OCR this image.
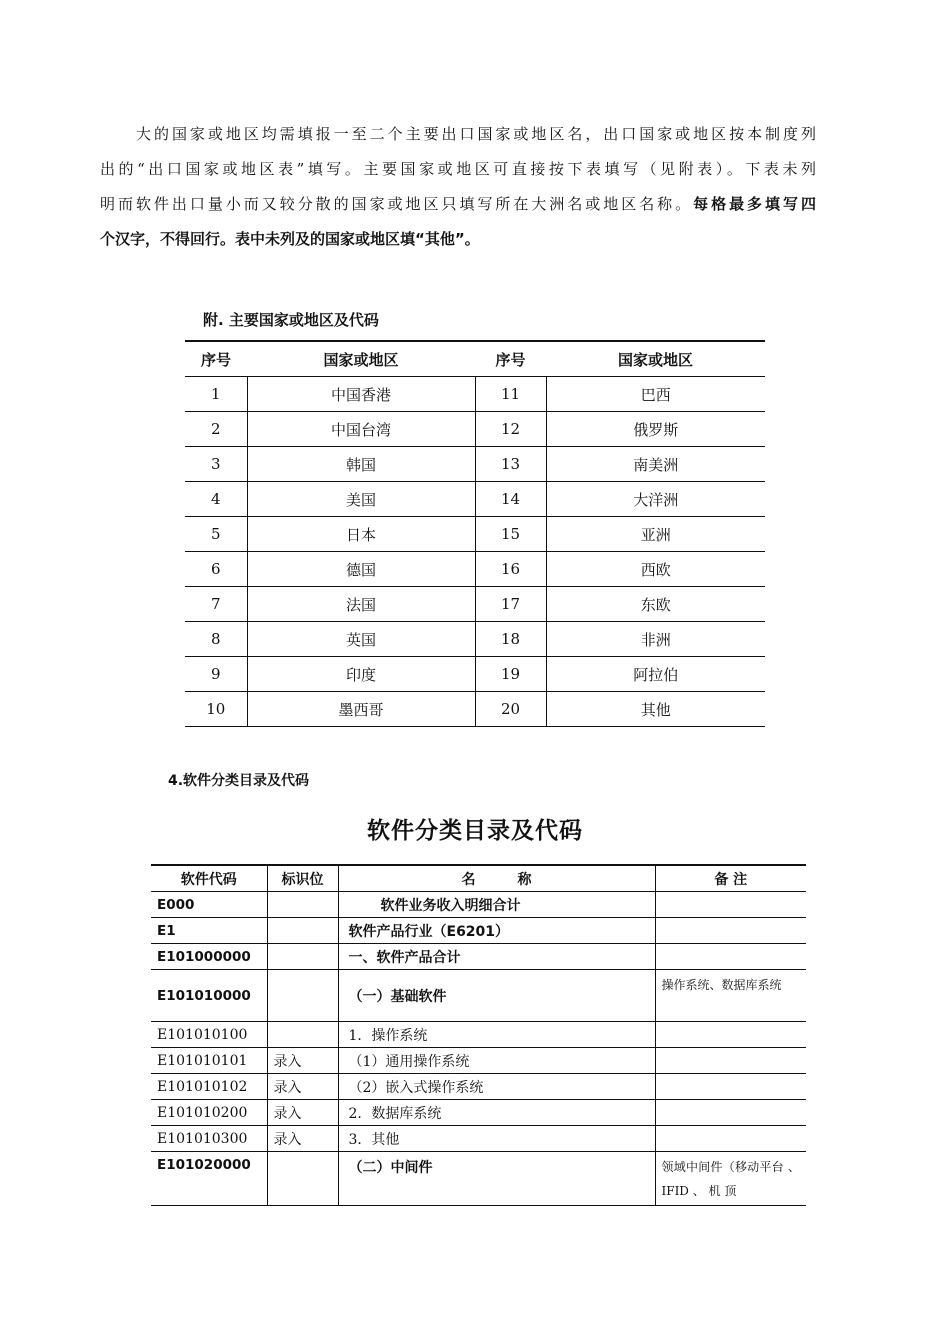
大的国家或地区均需填报一至二个主要出口国家或地区名，出口国家或地区按本制度列
出的“出口国家或地区表”填写。主要国家或地区可直接按下表填写（见附表）。下表未列
明而软件出口量小而又较分散的国家或地区只填写所在大洲名或地区名称。每格最多填写四
个汉字，不得回行。表中未列及的国家或地区填“其他”。
附. 主要国家或地区及代码
序号	国家或地区	序号	国家或地区
1	中国香港	11	巴西
2	中国台湾	12	俄罗斯
3	韩国	13	南美洲
4	美国	14	大洋洲
5	日本	15	亚洲
6	德国	16	西欧
7	法国	17	东欧
8	英国	18	非洲
9	印度	19	阿拉伯
10	墨西哥	20	其他
4.软件分类目录及代码
软件分类目录及代码
软件代码	标识位	名　　　称	备 注
E000		软件业务收入明细合计	
E1		软件产品行业（E6201）	
E101000000		一、软件产品合计	
E101010000		（一）基础软件	操作系统、数据库系统
E101010100		1．操作系统	
E101010101	录入	（1）通用操作系统	
E101010102	录入	（2）嵌入式操作系统	
E101010200	录入	2．数据库系统	
E101010300	录入	3．其他	
E101020000		（二）中间件	领域中间件（移动平台 、 IFID 、 机 顶
